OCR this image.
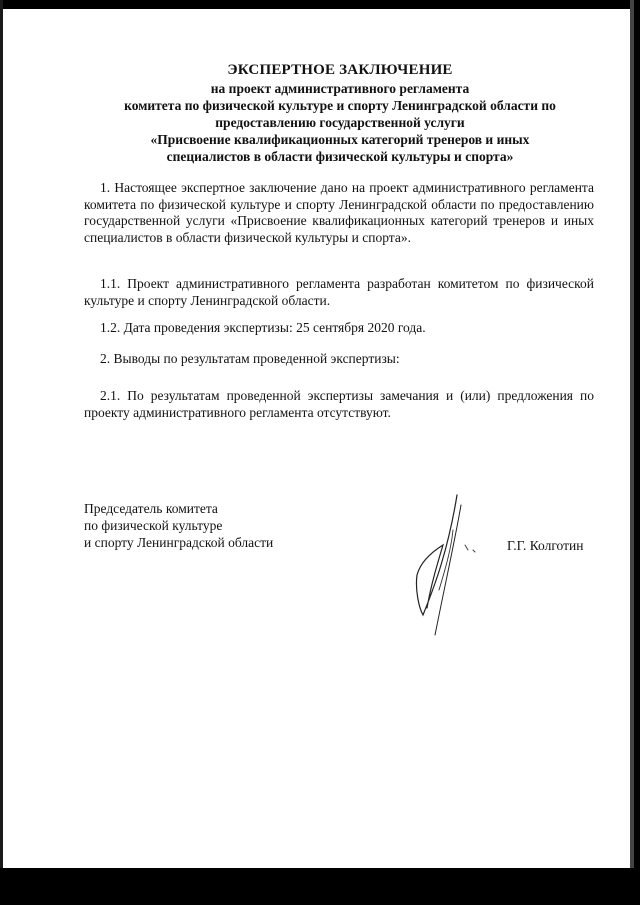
ЭКСПЕРТНОЕ ЗАКЛЮЧЕНИЕ
на проект административного регламента
комитета по физической культуре и спорту Ленинградской области по
предоставлению государственной услуги
«Присвоение квалификационных категорий тренеров и иных
специалистов в области физической культуры и спорта»
1. Настоящее экспертное заключение дано на проект административного регламента комитета по физической культуре и спорту Ленинградской области по предоставлению государственной услуги «Присвоение квалификационных категорий тренеров и иных специалистов в области физической культуры и спорта».
1.1. Проект административного регламента разработан комитетом по физической культуре и спорту Ленинградской области.
1.2. Дата проведения экспертизы: 25 сентября 2020 года.
2. Выводы по результатам проведенной экспертизы:
2.1. По результатам проведенной экспертизы замечания и (или) предложения по проекту административного регламента отсутствуют.
Председатель комитета
по физической культуре
и спорту Ленинградской области	Г.Г. Колготин
